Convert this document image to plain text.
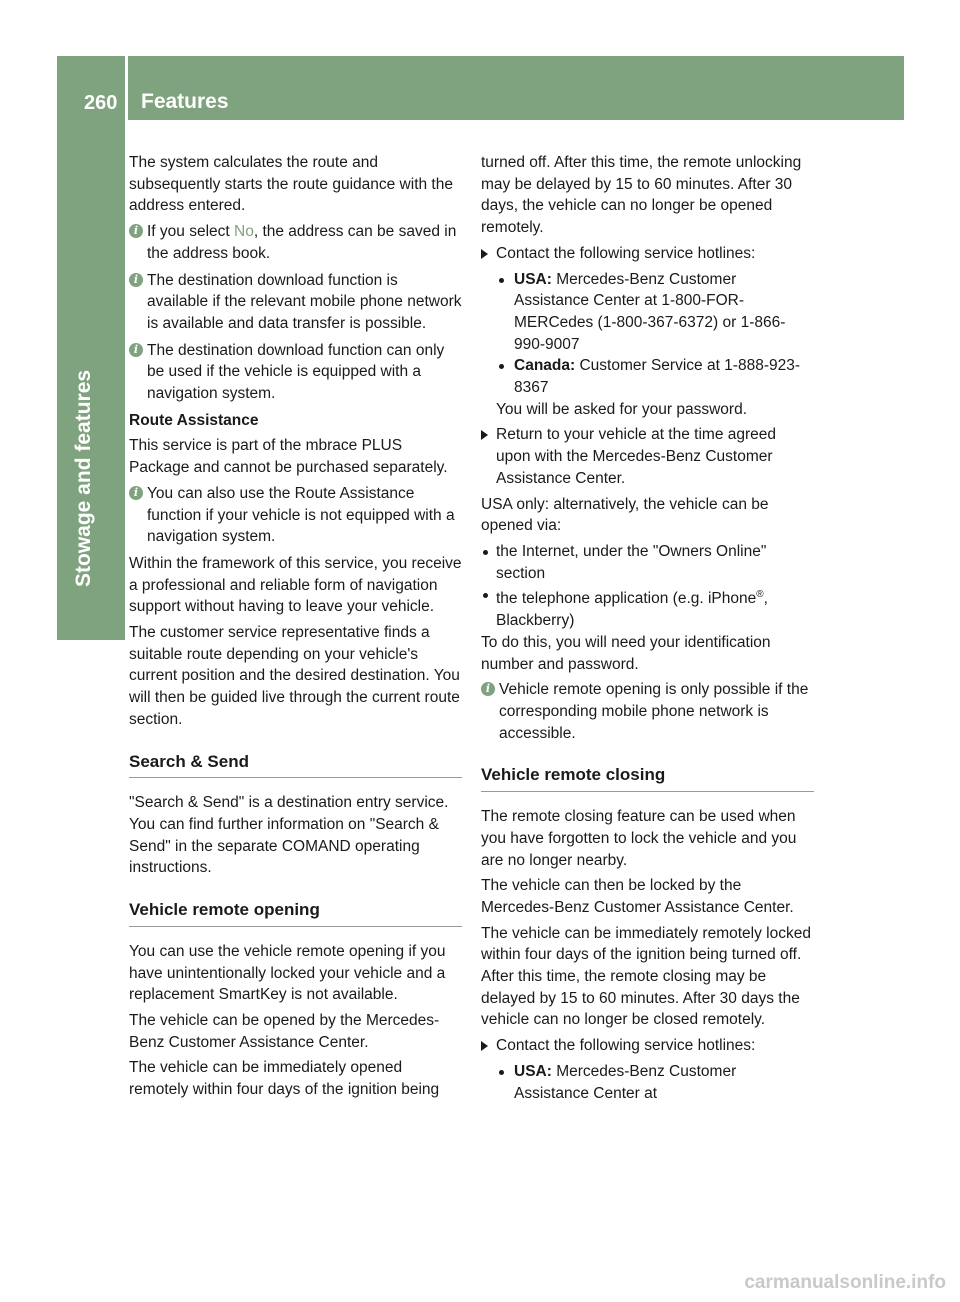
260 Features
Stowage and features

The system calculates the route and subsequently starts the route guidance with the address entered.

i If you select No, the address can be saved in the address book.
i The destination download function is available if the relevant mobile phone network is available and data transfer is possible.
i The destination download function can only be used if the vehicle is equipped with a navigation system.

Route Assistance

This service is part of the mbrace PLUS Package and cannot be purchased separately.

i You can also use the Route Assistance function if your vehicle is not equipped with a navigation system.

Within the framework of this service, you receive a professional and reliable form of navigation support without having to leave your vehicle.

The customer service representative finds a suitable route depending on your vehicle's current position and the desired destination. You will then be guided live through the current route section.

Search & Send

"Search & Send" is a destination entry service. You can find further information on "Search & Send" in the separate COMAND operating instructions.

Vehicle remote opening

You can use the vehicle remote opening if you have unintentionally locked your vehicle and a replacement SmartKey is not available.

The vehicle can be opened by the Mercedes-Benz Customer Assistance Center.

The vehicle can be immediately opened remotely within four days of the ignition being

turned off. After this time, the remote unlocking may be delayed by 15 to 60 minutes. After 30 days, the vehicle can no longer be opened remotely.

Contact the following service hotlines:
USA: Mercedes-Benz Customer Assistance Center at 1-800-FOR-MERCedes (1-800-367-6372) or 1-866-990-9007
Canada: Customer Service at 1-888-923-8367

You will be asked for your password.

Return to your vehicle at the time agreed upon with the Mercedes-Benz Customer Assistance Center.

USA only: alternatively, the vehicle can be opened via:

the Internet, under the "Owners Online" section
the telephone application (e.g. iPhone®, Blackberry)

To do this, you will need your identification number and password.

i Vehicle remote opening is only possible if the corresponding mobile phone network is accessible.
Vehicle remote closing

The remote closing feature can be used when you have forgotten to lock the vehicle and you are no longer nearby.

The vehicle can then be locked by the Mercedes-Benz Customer Assistance Center.

The vehicle can be immediately remotely locked within four days of the ignition being turned off. After this time, the remote closing may be delayed by 15 to 60 minutes. After 30 days the vehicle can no longer be closed remotely.

Contact the following service hotlines:
USA: Mercedes-Benz Customer Assistance Center at
carmanualsonline.info
